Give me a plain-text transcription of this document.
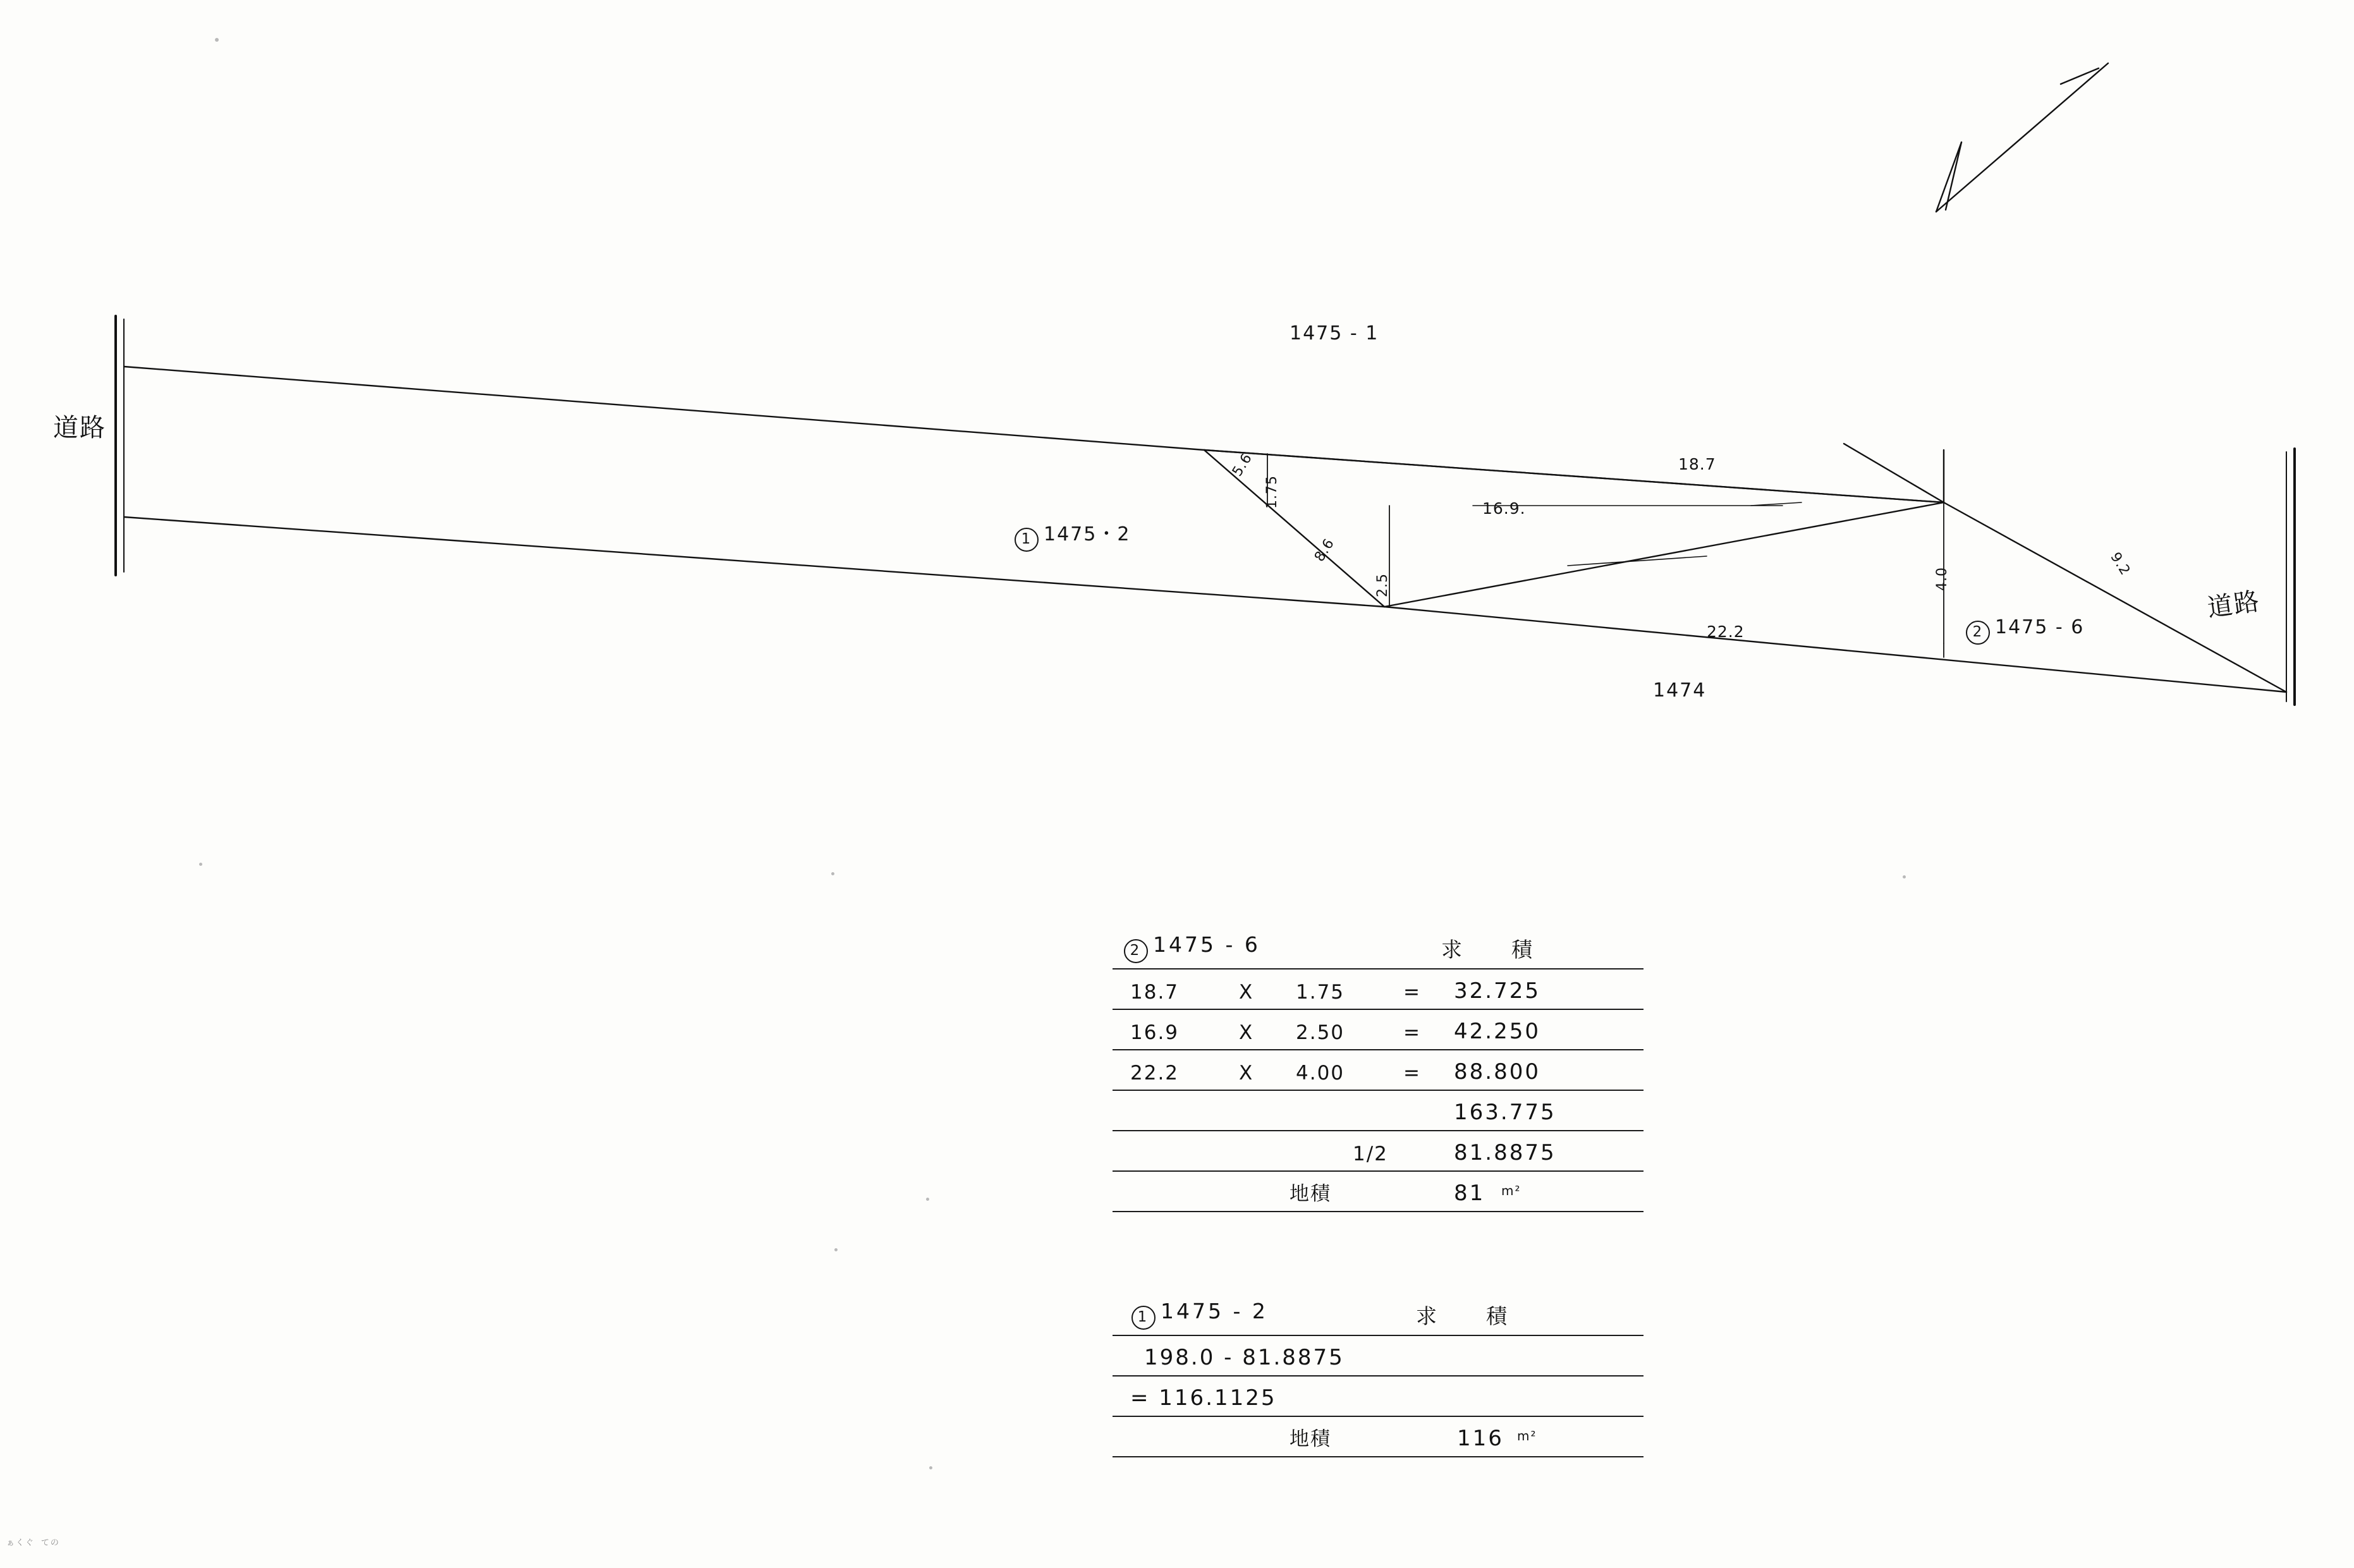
道路
道路
1475 - 1
1 1475・2
2 1475 - 6
1474
18.7
16.9.
22.2
1.75
2.5	4.0
9.2
5.6
8.6
2 1475 - 6	求　　積
18.7	X 1.75	= 32.725
16.9	X 2.50	= 42.250
22.2	X 4.00	= 88.800
163.775
1/2	81.8875
地積	81 m²
1 1475 - 2	求　　積
198.0 - 81.8875
= 116.1125
地積	116 m²
ぁくぐ ての
